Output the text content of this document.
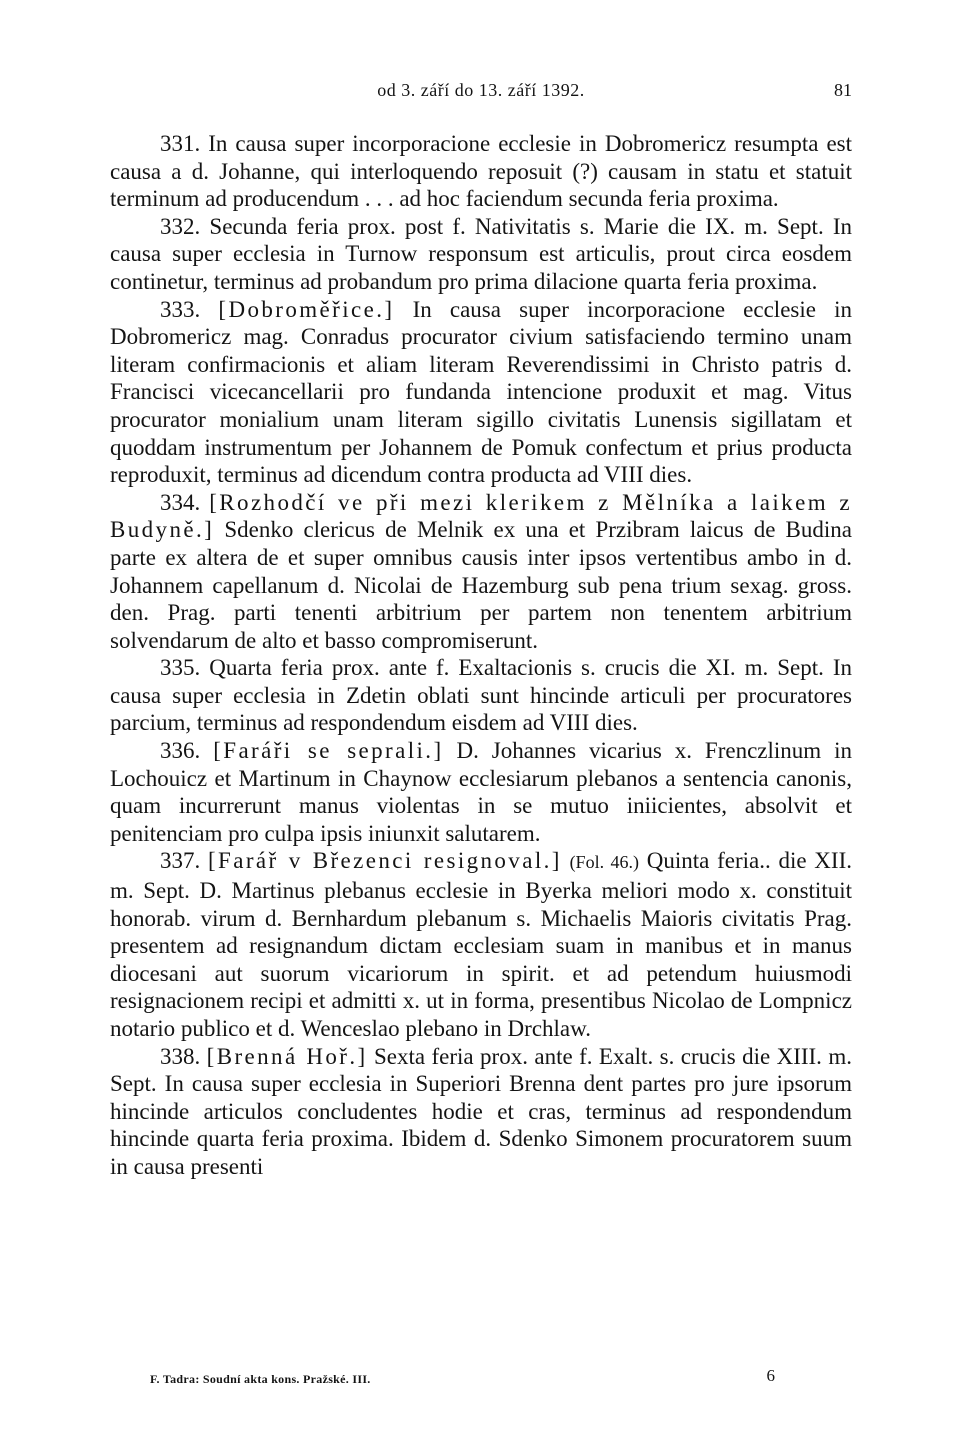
od 3. září do 13. září 1392.	81

331. In causa super incorporacione ecclesie in Dobromericz resumpta est causa a d. Johanne, qui interloquendo reposuit (?) causam in statu et statuit terminum ad producendum . . . ad hoc faciendum secunda feria proxima.

332. Secunda feria prox. post f. Nativitatis s. Marie die IX. m. Sept. In causa super ecclesia in Turnow responsum est articulis, prout circa eosdem continetur, terminus ad probandum pro prima dilacione quarta feria proxima.

333. [Dobroměřice.] In causa super incorporacione ecclesie in Dobromericz mag. Conradus procurator civium satisfaciendo termino unam literam confirmacionis et aliam literam Reverendissimi in Christo patris d. Francisci vicecancellarii pro fundanda intencione produxit et mag. Vitus procurator monialium unam literam sigillo civitatis Lunensis sigillatam et quoddam instrumentum per Johannem de Pomuk confectum et prius producta reproduxit, terminus ad dicendum contra producta ad VIII dies.

334. [Rozhodčí ve při mezi klerikem z Mělníka a laikem z Budyně.] Sdenko clericus de Melnik ex una et Przibram laicus de Budina parte ex altera de et super omnibus causis inter ipsos vertentibus ambo in d. Johannem capellanum d. Nicolai de Hazemburg sub pena trium sexag. gross. den. Prag. parti tenenti arbitrium per partem non tenentem arbitrium solvendarum de alto et basso compromiserunt.

335. Quarta feria prox. ante f. Exaltacionis s. crucis die XI. m. Sept. In causa super ecclesia in Zdetin oblati sunt hincinde articuli per procuratores parcium, terminus ad respondendum eisdem ad VIII dies.

336. [Faráři se seprali.] D. Johannes vicarius x. Frenczlinum in Lochouicz et Martinum in Chaynow ecclesiarum plebanos a sentencia canonis, quam incurrerunt manus violentas in se mutuo iniicientes, absolvit et penitenciam pro culpa ipsis iniunxit salutarem.

337. [Farář v Březenci resignoval.] (Fol. 46.) Quinta feria.. die XII. m. Sept. D. Martinus plebanus ecclesie in Byerka meliori modo x. constituit honorab. virum d. Bernhardum plebanum s. Michaelis Maioris civitatis Prag. presentem ad resignandum dictam ecclesiam suam in manibus et in manus diocesani aut suorum vicariorum in spirit. et ad petendum huiusmodi resignacionem recipi et admitti x. ut in forma, presentibus Nicolao de Lompnicz notario publico et d. Wenceslao plebano in Drchlaw.

338. [Brenná Hoř.] Sexta feria prox. ante f. Exalt. s. crucis die XIII. m. Sept. In causa super ecclesia in Superiori Brenna dent partes pro jure ipsorum hincinde articulos concludentes hodie et cras, terminus ad respondendum hincinde quarta feria proxima. Ibidem d. Sdenko Simonem procuratorem suum in causa presenti

F. Tadra: Soudní akta kons. Pražské. III.	6
